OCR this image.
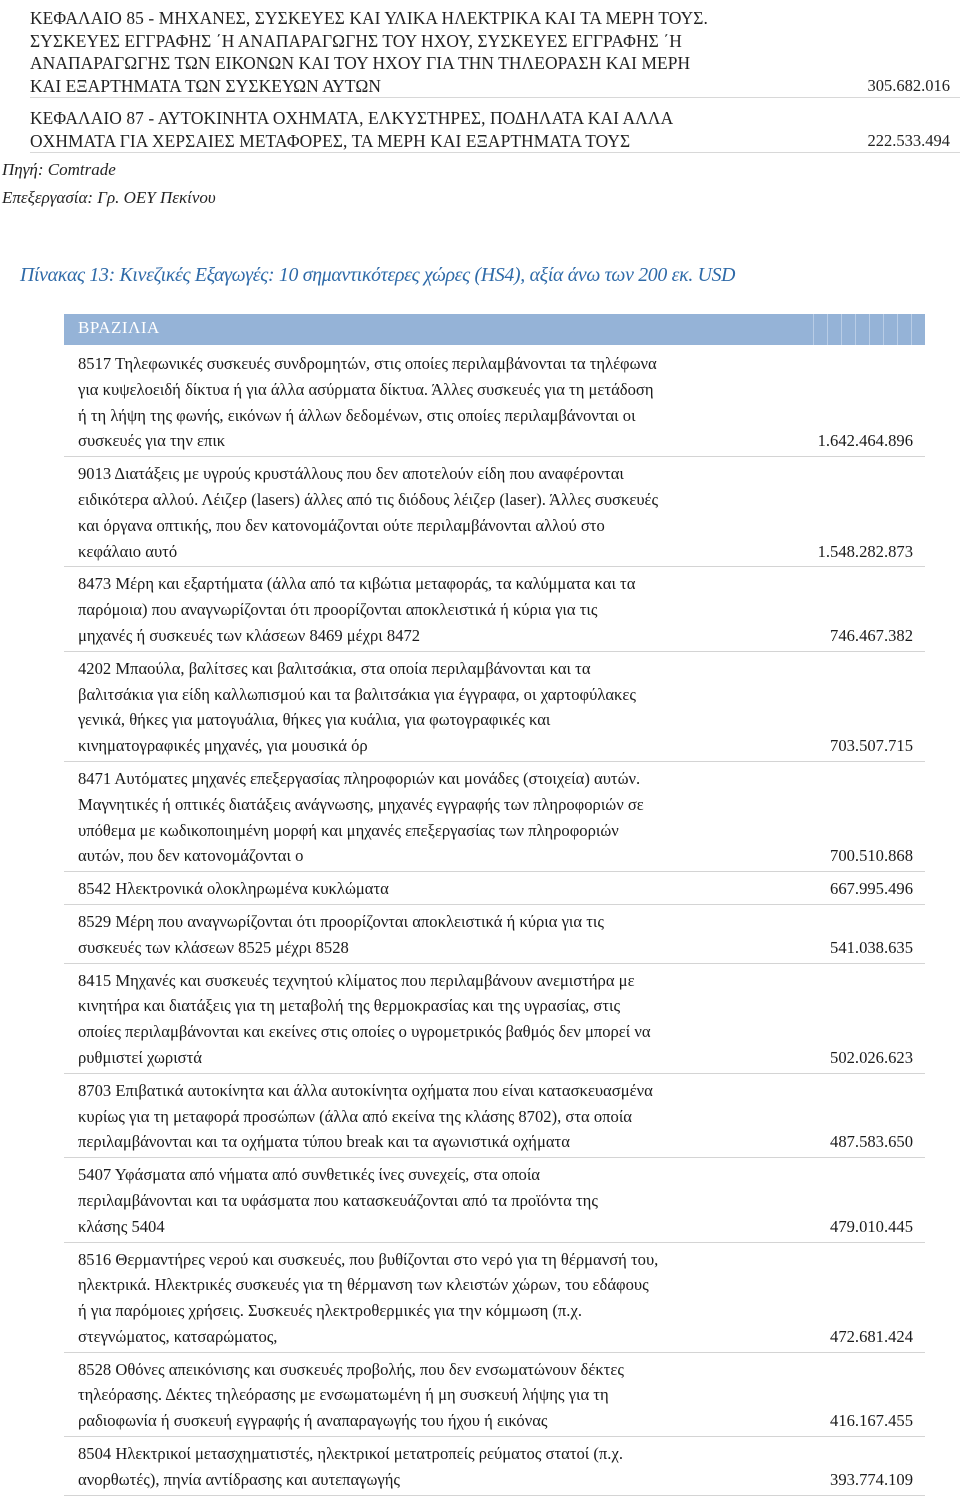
ΚΕΦΑΛΑΙΟ 85 - ΜΗΧΑΝΕΣ, ΣΥΣΚΕΥΕΣ ΚΑΙ ΥΛΙΚΑ ΗΛΕΚΤΡΙΚΑ ΚΑΙ ΤΑ ΜΕΡΗ ΤΟΥΣ.
ΣΥΣΚΕΥΕΣ ΕΓΓΡΑΦΗΣ ΄Η ΑΝΑΠΑΡΑΓΩΓΗΣ ΤΟΥ ΗΧΟΥ, ΣΥΣΚΕΥΕΣ ΕΓΓΡΑΦΗΣ ΄Η
ΑΝΑΠΑΡΑΓΩΓΗΣ ΤΩΝ ΕΙΚΟΝΩΝ ΚΑΙ ΤΟΥ ΗΧΟΥ ΓΙΑ ΤΗΝ ΤΗΛΕΟΡΑΣΗ ΚΑΙ ΜΕΡΗ
ΚΑΙ ΕΞΑΡΤΗΜΑΤΑ ΤΩΝ ΣΥΣΚΕΥΩΝ ΑΥΤΩΝ	305.682.016
ΚΕΦΑΛΑΙΟ 87 - ΑΥΤΟΚΙΝΗΤΑ ΟΧΗΜΑΤΑ, ΕΛΚΥΣΤΗΡΕΣ, ΠΟΔΗΛΑΤΑ ΚΑΙ ΑΛΛΑ
ΟΧΗΜΑΤΑ ΓΙΑ ΧΕΡΣΑΙΕΣ ΜΕΤΑΦΟΡΕΣ, ΤΑ ΜΕΡΗ ΚΑΙ ΕΞΑΡΤΗΜΑΤΑ ΤΟΥΣ	222.533.494
Πηγή: Comtrade
Επεξεργασία: Γρ. ΟΕΥ Πεκίνου
Πίνακας 13: Κινεζικές Εξαγωγές: 10 σημαντικότερες χώρες (HS4), αξία άνω των 200 εκ. USD
ΒΡΑΖΙΛΙΑ
8517 Τηλεφωνικές συσκευές συνδρομητών, στις οποίες περιλαμβάνονται τα τηλέφωνα
για κυψελοειδή δίκτυα ή για άλλα ασύρματα δίκτυα. Άλλες συσκευές για τη μετάδοση
ή τη λήψη της φωνής, εικόνων ή άλλων δεδομένων, στις οποίες περιλαμβάνονται οι
συσκευές για την επικ	1.642.464.896
9013 Διατάξεις με υγρούς κρυστάλλους που δεν αποτελούν είδη που αναφέρονται
ειδικότερα αλλού. Λέιζερ (lasers) άλλες από τις διόδους λέιζερ (laser). Άλλες συσκευές
και όργανα οπτικής, που δεν κατονομάζονται ούτε περιλαμβάνονται αλλού στο
κεφάλαιο αυτό	1.548.282.873
8473 Μέρη και εξαρτήματα (άλλα από τα κιβώτια μεταφοράς, τα καλύμματα και τα
παρόμοια) που αναγνωρίζονται ότι προορίζονται αποκλειστικά ή κύρια για τις
μηχανές ή συσκευές των κλάσεων 8469 μέχρι 8472	746.467.382
4202 Μπαούλα, βαλίτσες και βαλιτσάκια, στα οποία περιλαμβάνονται και τα
βαλιτσάκια για είδη καλλωπισμού και τα βαλιτσάκια για έγγραφα, οι χαρτοφύλακες
γενικά, θήκες για ματογυάλια, θήκες για κυάλια, για φωτογραφικές και
κινηματογραφικές μηχανές, για μουσικά όρ	703.507.715
8471 Αυτόματες μηχανές επεξεργασίας πληροφοριών και μονάδες (στοιχεία) αυτών.
Μαγνητικές ή οπτικές διατάξεις ανάγνωσης, μηχανές εγγραφής των πληροφοριών σε
υπόθεμα με κωδικοποιημένη μορφή και μηχανές επεξεργασίας των πληροφοριών
αυτών, που δεν κατονομάζονται ο	700.510.868
8542 Ηλεκτρονικά ολοκληρωμένα κυκλώματα	667.995.496
8529 Μέρη που αναγνωρίζονται ότι προορίζονται αποκλειστικά ή κύρια για τις
συσκευές των κλάσεων 8525 μέχρι 8528	541.038.635
8415 Μηχανές και συσκευές τεχνητού κλίματος που περιλαμβάνουν ανεμιστήρα με
κινητήρα και διατάξεις για τη μεταβολή της θερμοκρασίας και της υγρασίας, στις
οποίες περιλαμβάνονται και εκείνες στις οποίες ο υγρομετρικός βαθμός δεν μπορεί να
ρυθμιστεί χωριστά	502.026.623
8703 Επιβατικά αυτοκίνητα και άλλα αυτοκίνητα οχήματα που είναι κατασκευασμένα
κυρίως για τη μεταφορά προσώπων (άλλα από εκείνα της κλάσης 8702), στα οποία
περιλαμβάνονται και τα οχήματα τύπου break και τα αγωνιστικά οχήματα	487.583.650
5407 Υφάσματα από νήματα από συνθετικές ίνες συνεχείς, στα οποία
περιλαμβάνονται και τα υφάσματα που κατασκευάζονται από τα προϊόντα της
κλάσης 5404	479.010.445
8516 Θερμαντήρες νερού και συσκευές, που βυθίζονται στο νερό για τη θέρμανσή του,
ηλεκτρικά. Ηλεκτρικές συσκευές για τη θέρμανση των κλειστών χώρων, του εδάφους
ή για παρόμοιες χρήσεις. Συσκευές ηλεκτροθερμικές για την κόμμωση (π.χ.
στεγνώματος, κατσαρώματος,	472.681.424
8528 Οθόνες απεικόνισης και συσκευές προβολής, που δεν ενσωματώνουν δέκτες
τηλεόρασης. Δέκτες τηλεόρασης με ενσωματωμένη ή μη συσκευή λήψης για τη
ραδιοφωνία ή συσκευή εγγραφής ή αναπαραγωγής του ήχου ή εικόνας	416.167.455
8504 Ηλεκτρικοί μετασχηματιστές, ηλεκτρικοί μετατροπείς ρεύματος στατοί (π.χ.
ανορθωτές), πηνία αντίδρασης και αυτεπαγωγής	393.774.109
